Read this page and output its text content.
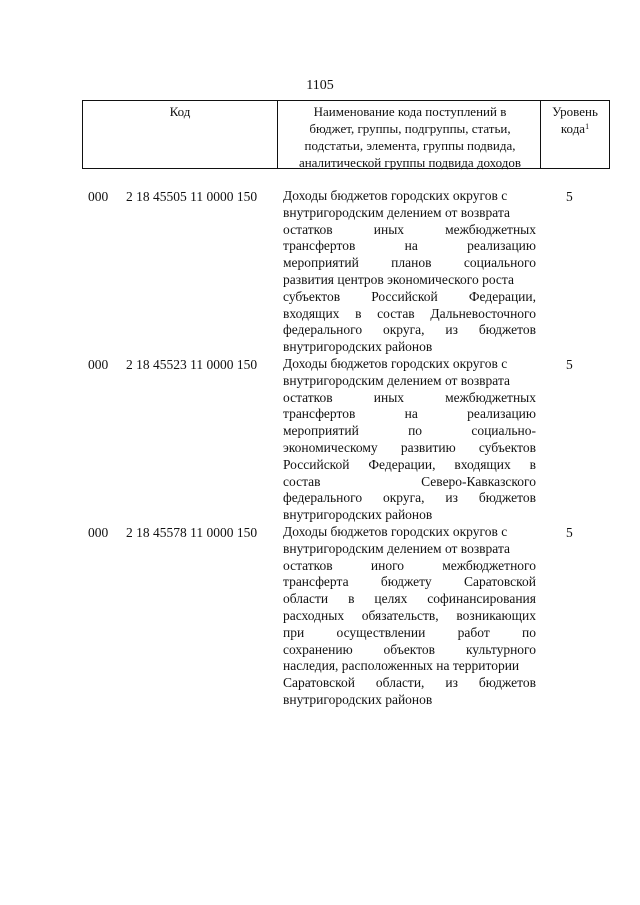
1105
Код	Наименование кода поступлений в
бюджет, группы, подгруппы, статьи,
подстатьи, элемента, группы подвида,
аналитической группы подвида доходов
Уровень
кода$^1$
000 2 18 45505 11 0000 150 Доходы бюджетов городских округов с
внутригородским делением от возврата
остатков иных межбюджетных
трансфертов на реализацию
мероприятий планов социального
развития центров экономического роста
субъектов Российской Федерации,
входящих в состав Дальневосточного
федерального округа, из бюджетов
внутригородских районов
5
000 2 18 45523 11 0000 150 Доходы бюджетов городских округов с
внутригородским делением от возврата
остатков иных межбюджетных
трансфертов на реализацию
мероприятий по социально-
экономическому развитию субъектов
Российской Федерации, входящих в
состав Северо-Кавказского
федерального округа, из бюджетов
внутригородских районов
5
000 2 18 45578 11 0000 150 Доходы бюджетов городских округов с
внутригородским делением от возврата
остатков иного межбюджетного
трансферта бюджету Саратовской
области в целях софинансирования
расходных обязательств, возникающих
при осуществлении работ по
сохранению объектов культурного
наследия, расположенных на территории
Саратовской области, из бюджетов
внутригородских районов
5
